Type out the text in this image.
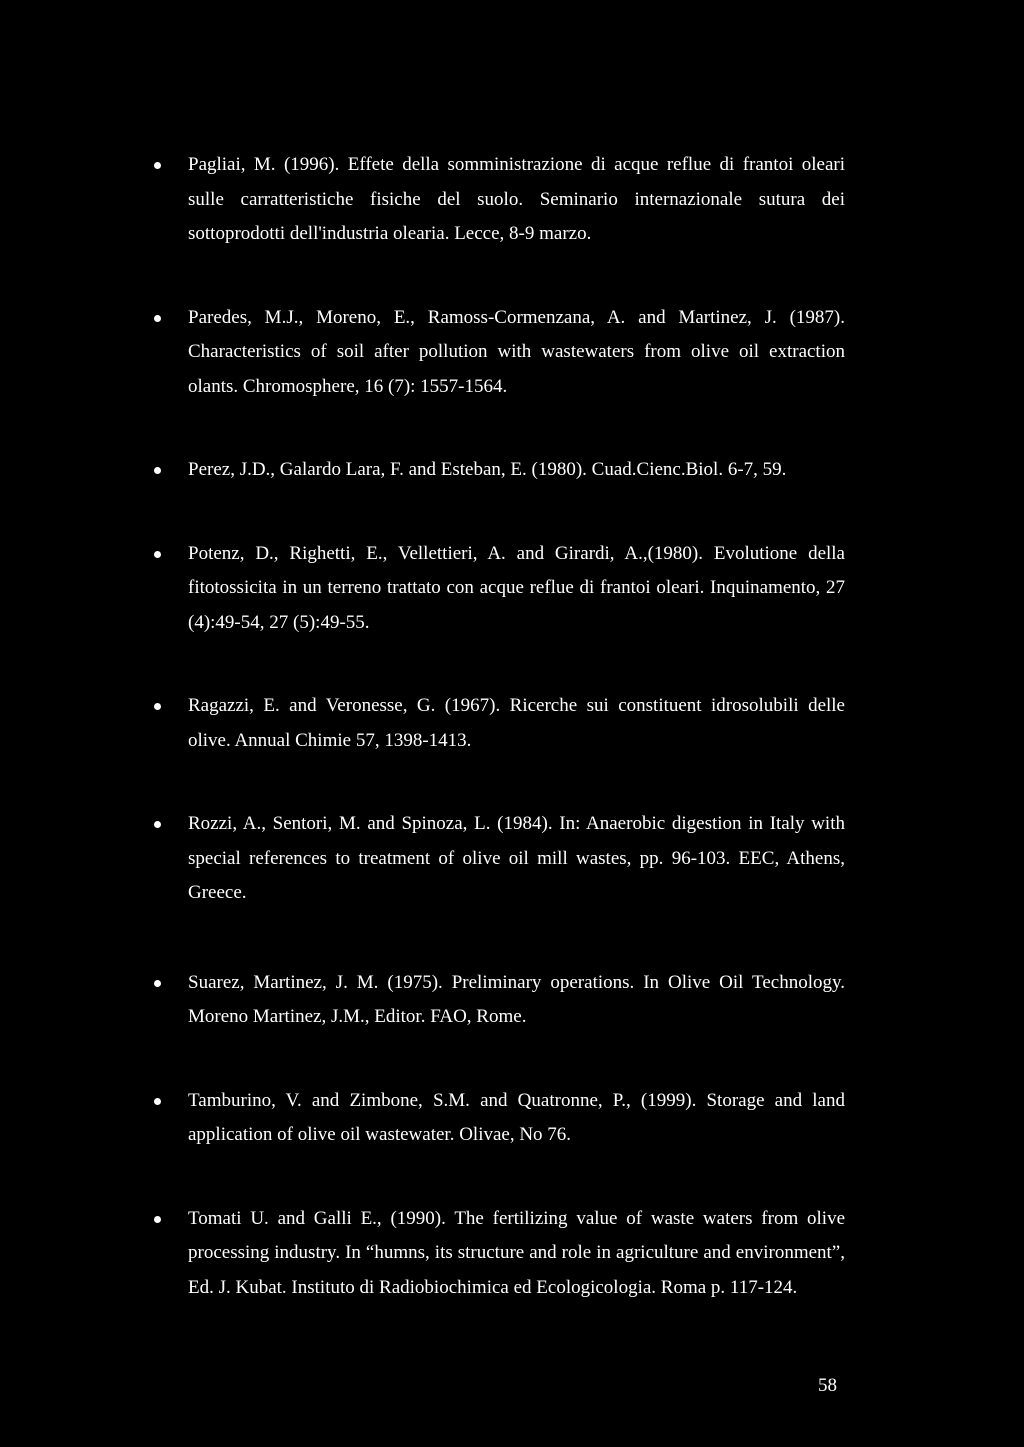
Pagliai, M. (1996). Effete della somministrazione di acque reflue di frantoi oleari sulle carratteristiche fisiche del suolo. Seminario internazionale sutura dei sottoprodotti dell'industria olearia. Lecce, 8-9 marzo.
Paredes, M.J., Moreno, E., Ramoss-Cormenzana, A. and Martinez, J. (1987). Characteristics of soil after pollution with wastewaters from olive oil extraction olants. Chromosphere, 16 (7): 1557-1564.
Perez, J.D., Galardo Lara, F. and Esteban, E. (1980). Cuad.Cienc.Biol. 6-7, 59.
Potenz, D., Righetti, E., Vellettieri, A. and Girardi, A.,(1980). Evolutione della fitotossicita in un terreno trattato con acque reflue di frantoi oleari. Inquinamento, 27 (4):49-54, 27 (5):49-55.
Ragazzi, E. and Veronesse, G. (1967). Ricerche sui constituent idrosolubili delle olive. Annual Chimie 57, 1398-1413.
Rozzi, A., Sentori, M. and Spinoza, L. (1984). In: Anaerobic digestion in Italy with special references to treatment of olive oil mill wastes, pp. 96-103. EEC, Athens, Greece.
Suarez, Martinez, J. M. (1975). Preliminary operations. In Olive Oil Technology. Moreno Martinez, J.M., Editor. FAO, Rome.
Tamburino, V. and Zimbone, S.M. and Quatronne, P., (1999). Storage and land application of olive oil wastewater. Olivae, No 76.
Tomati U. and Galli E., (1990). The fertilizing value of waste waters from olive processing industry. In “humns, its structure and role in agriculture and environment”, Ed. J. Kubat. Instituto di Radiobiochimica ed Ecologicologia. Roma p. 117-124.
58
